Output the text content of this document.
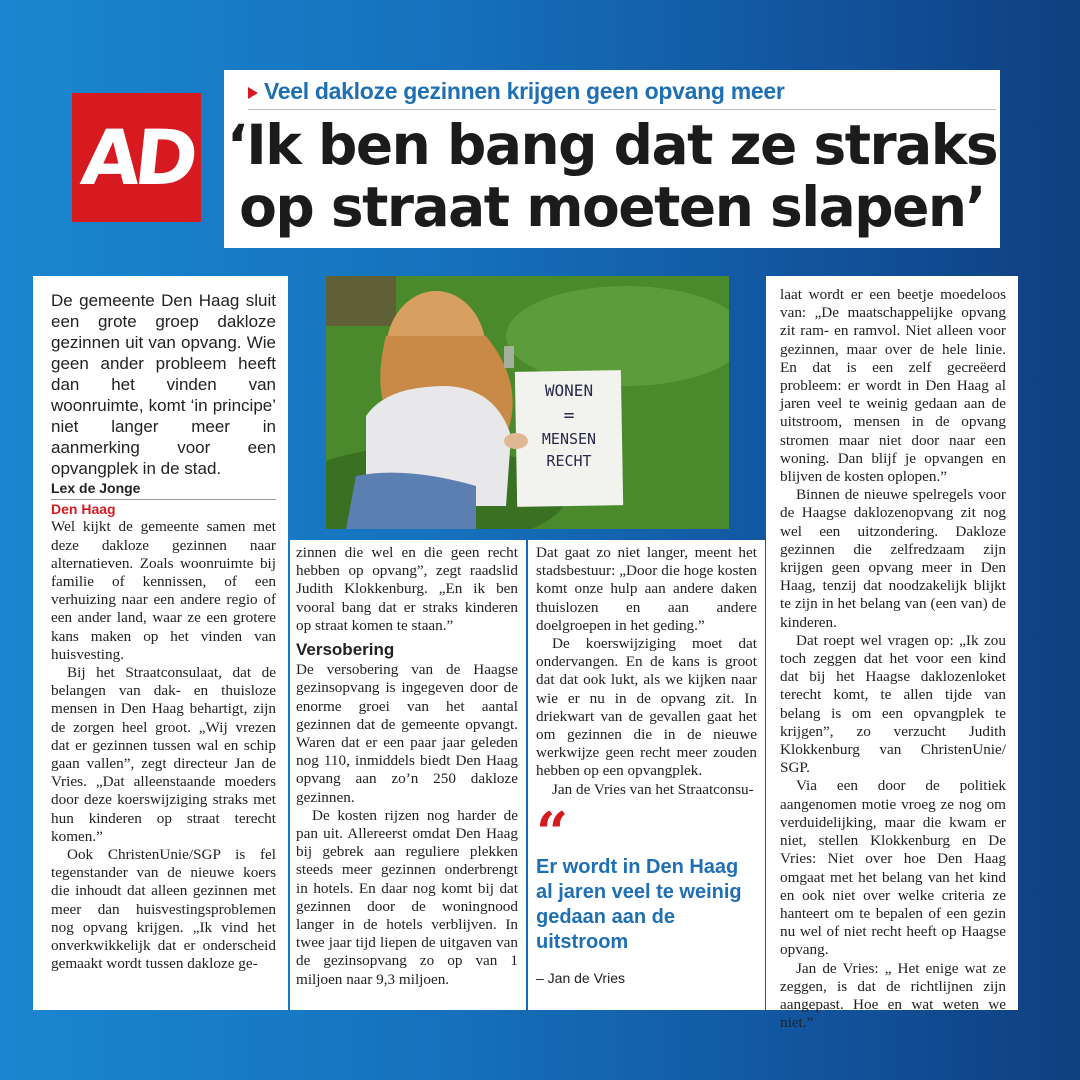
AD
Veel dakloze gezinnen krijgen geen opvang meer
‘Ik ben bang dat ze straks
op straat moeten slapen’

De gemeente Den Haag sluit een grote groep dakloze gezinnen uit van opvang. Wie geen ander probleem heeft dan het vinden van woonruimte, komt ‘in principe’ niet langer meer in aanmerking voor een opvangplek in de stad.

Lex de Jonge

Den Haag

Wel kijkt de gemeente samen met deze dakloze gezinnen naar alternatieven. Zoals woonruimte bij familie of kennissen, of een verhuizing naar een andere regio of een ander land, waar ze een grotere kans maken op het vinden van huisvesting.

Bij het Straatconsulaat, dat de belangen van dak- en thuisloze mensen in Den Haag behartigt, zijn de zorgen heel groot. „Wij vrezen dat er gezinnen tussen wal en schip gaan vallen”, zegt directeur Jan de Vries. „Dat alleenstaande moeders door deze koerswijziging straks met hun kinderen op straat terecht komen.”

Ook ChristenUnie/SGP is fel tegenstander van de nieuwe koers die inhoudt dat alleen gezinnen met meer dan huisvestingsproblemen nog opvang krijgen. „Ik vind het onverkwikkelijk dat er onderscheid gemaakt wordt tussen dakloze ge-

WONEN
=
MENSEN
RECHT

zinnen die wel en die geen recht hebben op opvang”, zegt raadslid Judith Klokkenburg. „En ik ben vooral bang dat er straks kinderen op straat komen te staan.”

Versobering

De versobering van de Haagse gezinsopvang is ingegeven door de enorme groei van het aantal gezinnen dat de gemeente opvangt. Waren dat er een paar jaar geleden nog 110, inmiddels biedt Den Haag opvang aan zo’n 250 dakloze gezinnen.

De kosten rijzen nog harder de pan uit. Allereerst omdat Den Haag bij gebrek aan reguliere plekken steeds meer gezinnen onderbrengt in hotels. En daar nog komt bij dat gezinnen door de woningnood langer in de hotels verblijven. In twee jaar tijd liepen de uitgaven van de gezinsopvang zo op van 1 miljoen naar 9,3 miljoen.

Dat gaat zo niet langer, meent het stadsbestuur: „Door die hoge kosten komt onze hulp aan andere daken thuislozen en aan andere doelgroepen in het geding.”

De koerswijziging moet dat ondervangen. En de kans is groot dat dat ook lukt, als we kijken naar wie er nu in de opvang zit. In driekwart van de gevallen gaat het om gezinnen die in de nieuwe werkwijze geen recht meer zouden hebben op een opvangplek.

Jan de Vries van het Straatconsu-

“
Er wordt in Den Haag al jaren veel te weinig gedaan aan de uitstroom
– Jan de Vries

laat wordt er een beetje moedeloos van: „De maatschappelijke opvang zit ram- en ramvol. Niet alleen voor gezinnen, maar over de hele linie. En dat is een zelf gecreëerd probleem: er wordt in Den Haag al jaren veel te weinig gedaan aan de uitstroom, mensen in de opvang stromen maar niet door naar een woning. Dan blijf je opvangen en blijven de kosten oplopen.”

Binnen de nieuwe spelregels voor de Haagse daklozenopvang zit nog wel een uitzondering. Dakloze gezinnen die zelfredzaam zijn krijgen geen opvang meer in Den Haag, tenzij dat noodzakelijk blijkt te zijn in het belang van (een van) de kinderen.

Dat roept wel vragen op: „Ik zou toch zeggen dat het voor een kind dat bij het Haagse daklozenloket terecht komt, te allen tijde van belang is om een opvangplek te krijgen”, zo verzucht Judith Klokkenburg van ChristenUnie/ SGP.

Via een door de politiek aangenomen motie vroeg ze nog om verduidelijking, maar die kwam er niet, stellen Klokkenburg en De Vries: Niet over hoe Den Haag omgaat met het belang van het kind en ook niet over welke criteria ze hanteert om te bepalen of een gezin nu wel of niet recht heeft op Haagse opvang.

Jan de Vries: „ Het enige wat ze zeggen, is dat de richtlijnen zijn aangepast. Hoe en wat weten we niet.”
